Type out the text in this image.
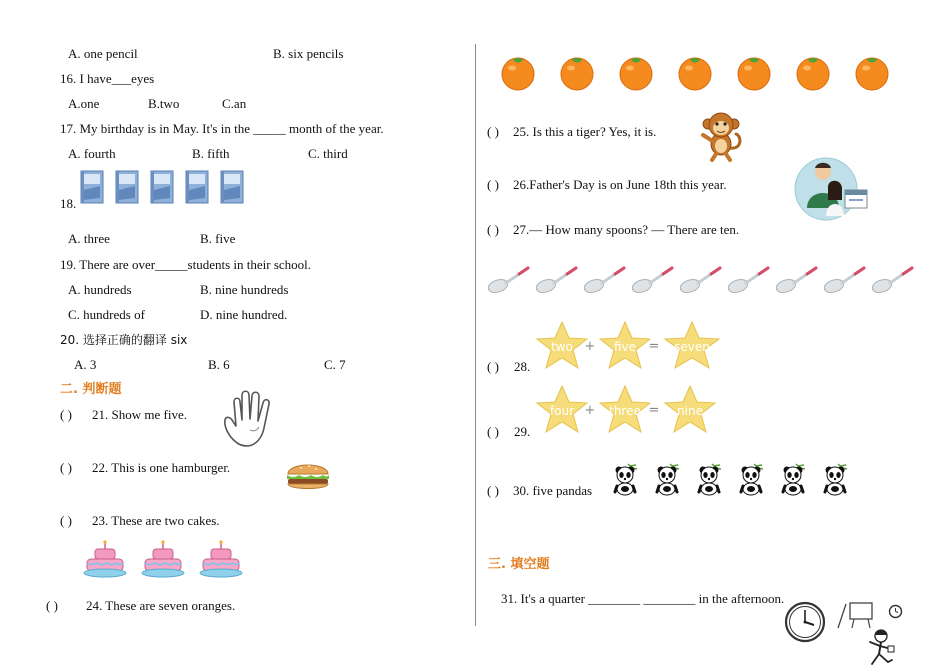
A. one pencil	B. six pencils
16. I have___eyes
A.one	B.two	C.an
17. My birthday is in May. It's in the _____ month of the year.
A. fourth	B. fifth	C. third
18.
A. three	B. five
19. There are over_____students in their school.
A. hundreds	B. nine hundreds
C. hundreds of	D. nine hundred.
20. 选择正确的翻译 six
A. 3	B. 6	C. 7
二. 判断题
( ) 21. Show me five.
( ) 22. This is one hamburger.
( ) 23. These are two cakes.
( ) 24. These are seven oranges.
( ) 25. Is this a tiger? Yes, it is.
( ) 26.Father's Day is on June 18th this year.
( ) 27.— How many spoons? — There are ten.
( ) 28.
two + five = seven
( ) 29.
four + three = nine
( ) 30. five pandas
三. 填空题
31. It's a quarter ________ ________ in the afternoon.
